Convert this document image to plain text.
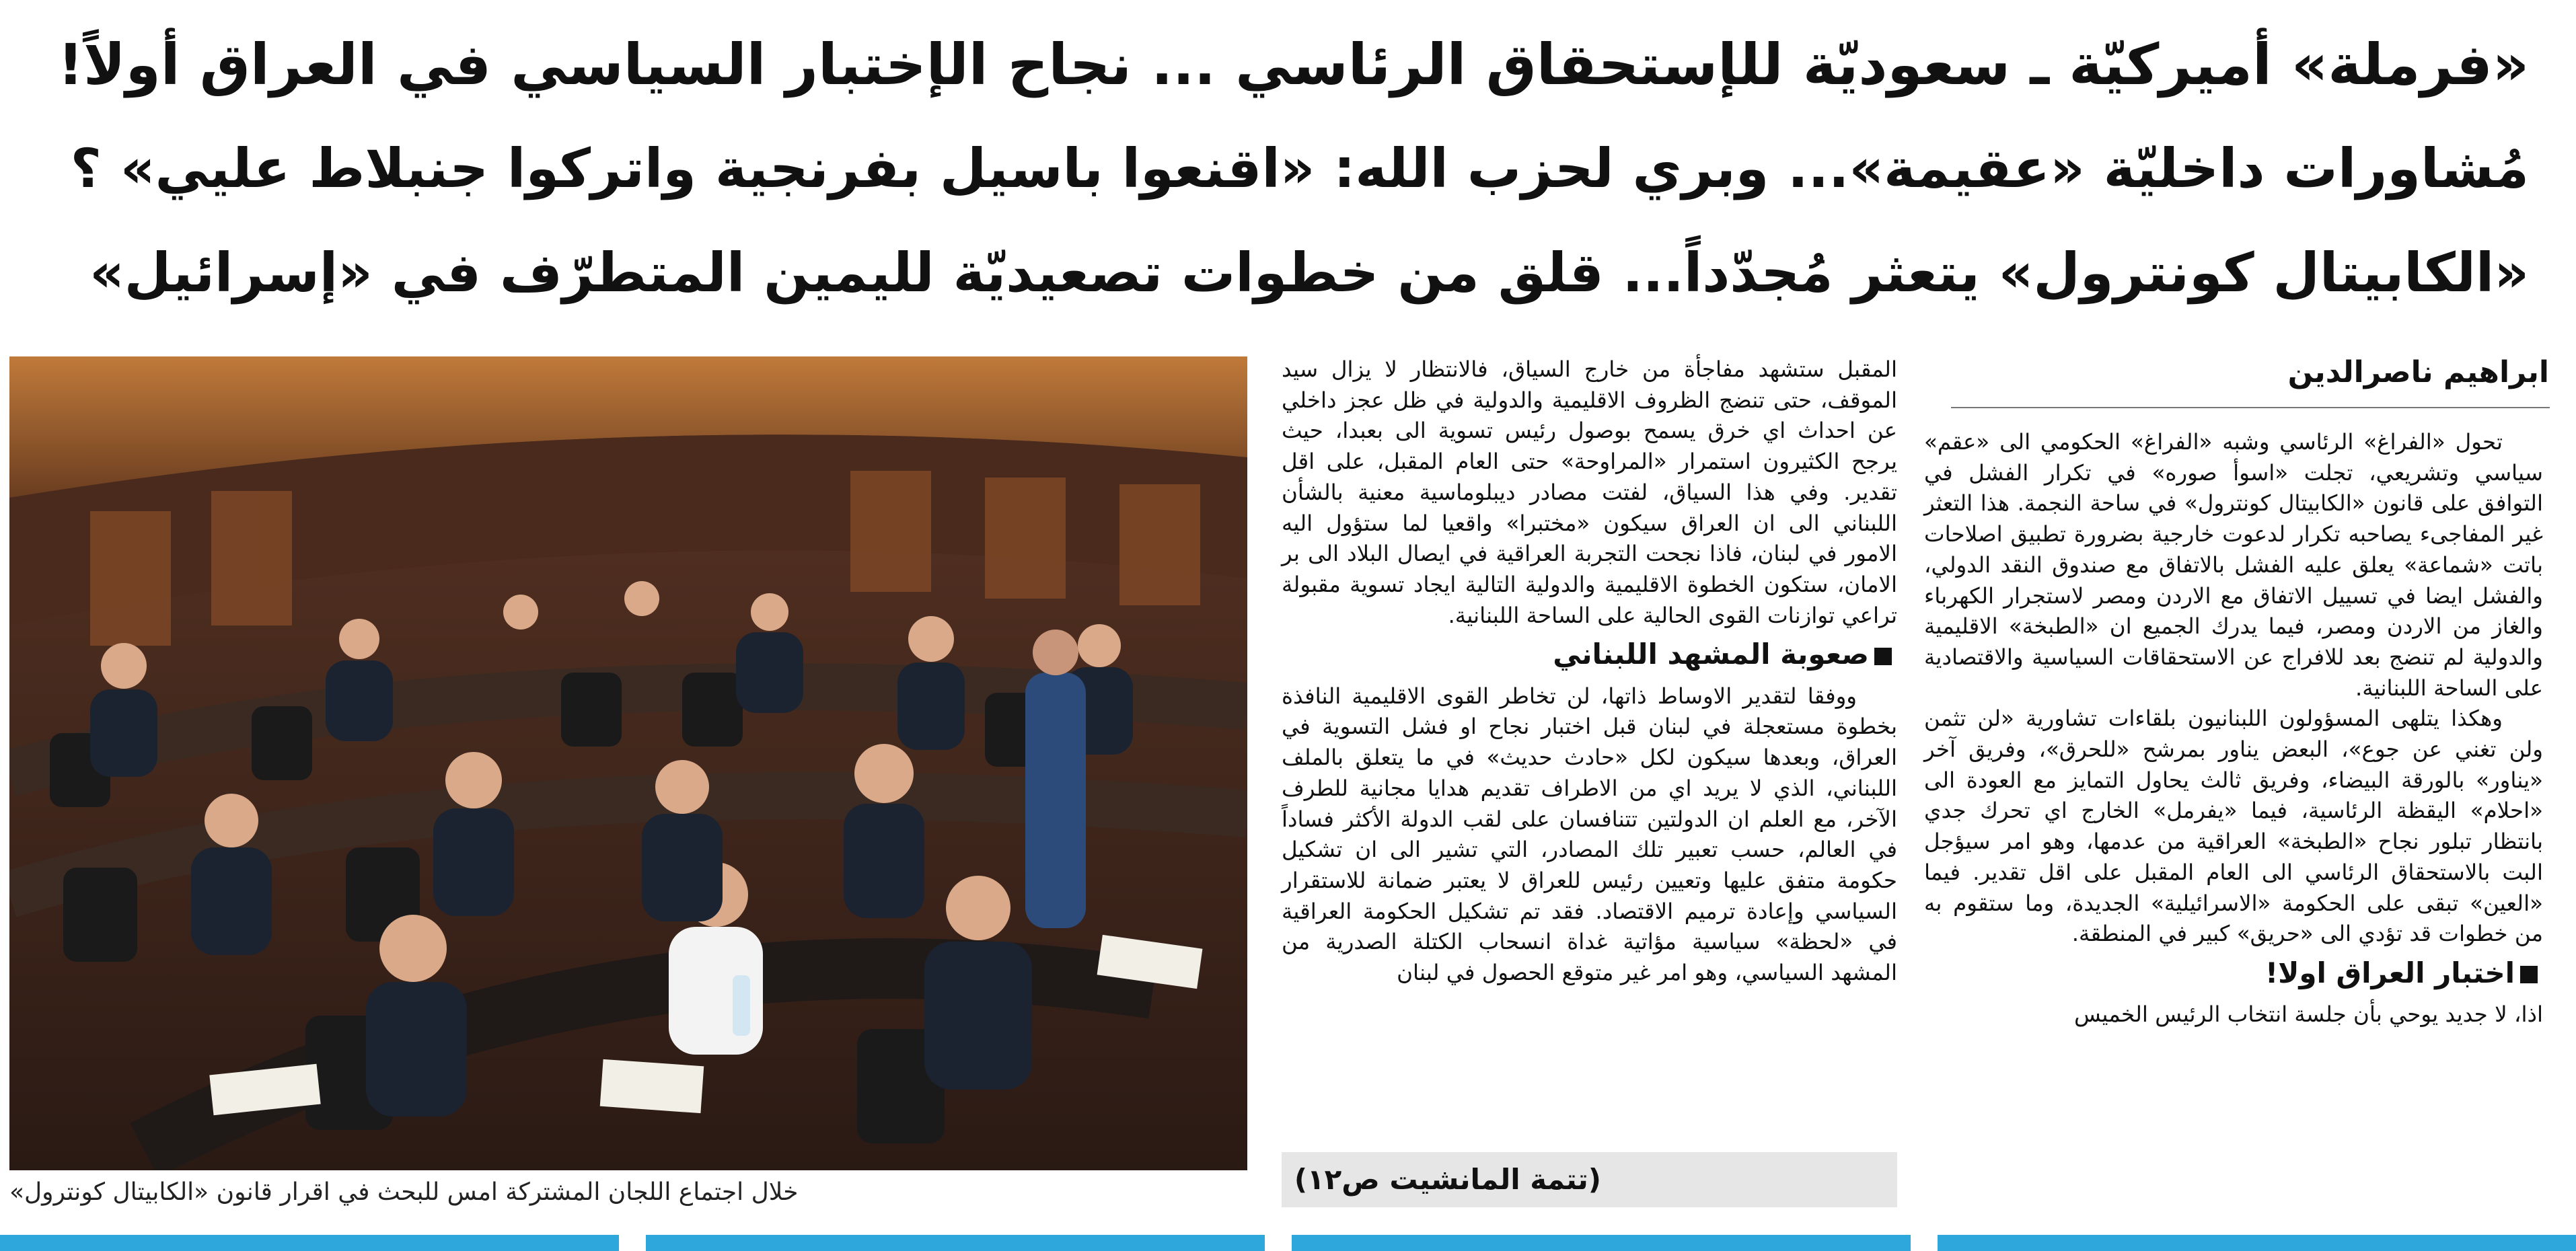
«فرملة» أميركيّة ـ سعوديّة للإستحقاق الرئاسي ... نجاح الإختبار السياسي في العراق أولاً!
مُشاورات داخليّة «عقيمة»... وبري لحزب الله: «اقنعوا باسيل بفرنجية واتركوا جنبلاط عليي» ؟
«الكابيتال كونترول» يتعثر مُجدّداً... قلق من خطوات تصعيديّة لليمين المتطرّف في «إسرائيل»
خلال اجتماع اللجان المشتركة امس للبحث في اقرار قانون «الكابيتال كونترول»
ابراهيم ناصرالدين

تحول «الفراغ» الرئاسي وشبه «الفراغ» الحكومي الى «عقم» سياسي وتشريعي، تجلت «اسوأ صوره» في تكرار الفشل في التوافق على قانون «الكابيتال كونترول» في ساحة النجمة. هذا التعثر غير المفاجىء يصاحبه تكرار لدعوت خارجية بضرورة تطبيق اصلاحات باتت «شماعة» يعلق عليه الفشل بالاتفاق مع صندوق النقد الدولي، والفشل ايضا في تسييل الاتفاق مع الاردن ومصر لاستجرار الكهرباء والغاز من الاردن ومصر، فيما يدرك الجميع ان «الطبخة» الاقليمية والدولية لم تنضج بعد للافراج عن الاستحقاقات السياسية والاقتصادية على الساحة اللبنانية.

وهكذا يتلهى المسؤولون اللبنانيون بلقاءات تشاورية «لن تثمن ولن تغني عن جوع»، البعض يناور بمرشح «للحرق»، وفريق آخر «يناور» بالورقة البيضاء، وفريق ثالث يحاول التمايز مع العودة الى «احلام» اليقظة الرئاسية، فيما «يفرمل» الخارج اي تحرك جدي بانتظار تبلور نجاح «الطبخة» العراقية من عدمها، وهو امر سيؤجل البت بالاستحقاق الرئاسي الى العام المقبل على اقل تقدير. فيما «العين» تبقى على الحكومة «الاسرائيلية» الجديدة، وما ستقوم به من خطوات قد تؤدي الى «حريق» كبير في المنطقة.

اختبار العراق اولا!

اذا، لا جديد يوحي بأن جلسة انتخاب الرئيس الخميس

المقبل ستشهد مفاجأة من خارج السياق، فالانتظار لا يزال سيد الموقف، حتى تنضج الظروف الاقليمية والدولية في ظل عجز داخلي عن احداث اي خرق يسمح بوصول رئيس تسوية الى بعبدا، حيث يرجح الكثيرون استمرار «المراوحة» حتى العام المقبل، على اقل تقدير. وفي هذا السياق، لفتت مصادر ديبلوماسية معنية بالشأن اللبناني الى ان العراق سيكون «مختبرا» واقعيا لما ستؤول اليه الامور في لبنان، فاذا نجحت التجربة العراقية في ايصال البلاد الى بر الامان، ستكون الخطوة الاقليمية والدولية التالية ايجاد تسوية مقبولة تراعي توازنات القوى الحالية على الساحة اللبنانية.

صعوبة المشهد اللبناني

ووفقا لتقدير الاوساط ذاتها، لن تخاطر القوى الاقليمية النافذة بخطوة مستعجلة في لبنان قبل اختبار نجاح او فشل التسوية في العراق، وبعدها سيكون لكل «حادث حديث» في ما يتعلق بالملف اللبناني، الذي لا يريد اي من الاطراف تقديم هدايا مجانية للطرف الآخر، مع العلم ان الدولتين تتنافسان على لقب الدولة الأكثر فساداً في العالم، حسب تعبير تلك المصادر، التي تشير الى ان تشكيل حكومة متفق عليها وتعيين رئيس للعراق لا يعتبر ضمانة للاستقرار السياسي وإعادة ترميم الاقتصاد. فقد تم تشكيل الحكومة العراقية في «لحظة» سياسية مؤاتية غداة انسحاب الكتلة الصدرية من المشهد السياسي، وهو امر غير متوقع الحصول في لبنان

(تتمة المانشيت ص١٢)
